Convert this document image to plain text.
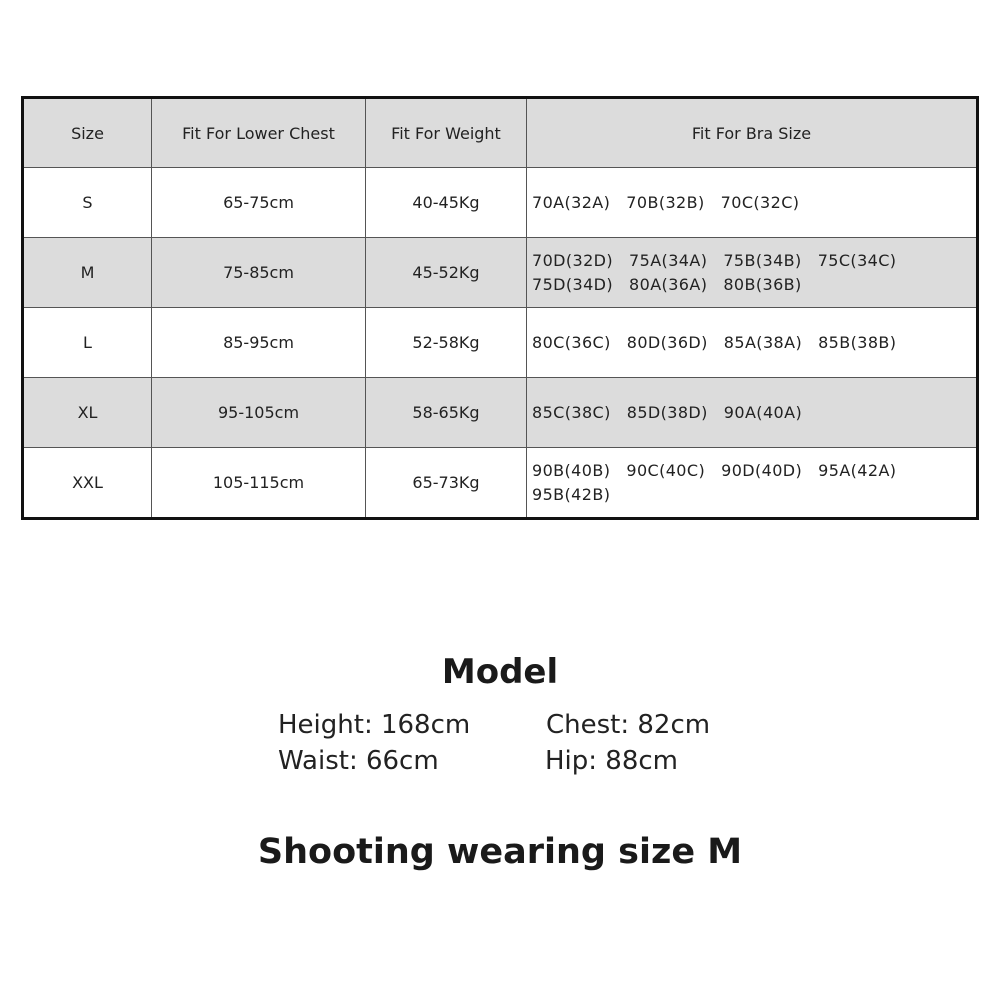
Size	Fit For Lower Chest	Fit For Weight	Fit For Bra Size
S	65-75cm	40-45Kg	70A(32A) 70B(32B) 70C(32C)
M	75-85cm	45-52Kg	70D(32D) 75A(34A) 75B(34B) 75C(34C)75D(34D) 80A(36A) 80B(36B)
L	85-95cm	52-58Kg	80C(36C) 80D(36D) 85A(38A) 85B(38B)
XL	95-105cm	58-65Kg	85C(38C) 85D(38D) 90A(40A)
XXL	105-115cm	65-73Kg	90B(40B) 90C(40C) 90D(40D) 95A(42A)95B(42B)
Model
Height: 168cm	Chest: 82cm
Waist: 66cm	Hip: 88cm
Shooting wearing size M
